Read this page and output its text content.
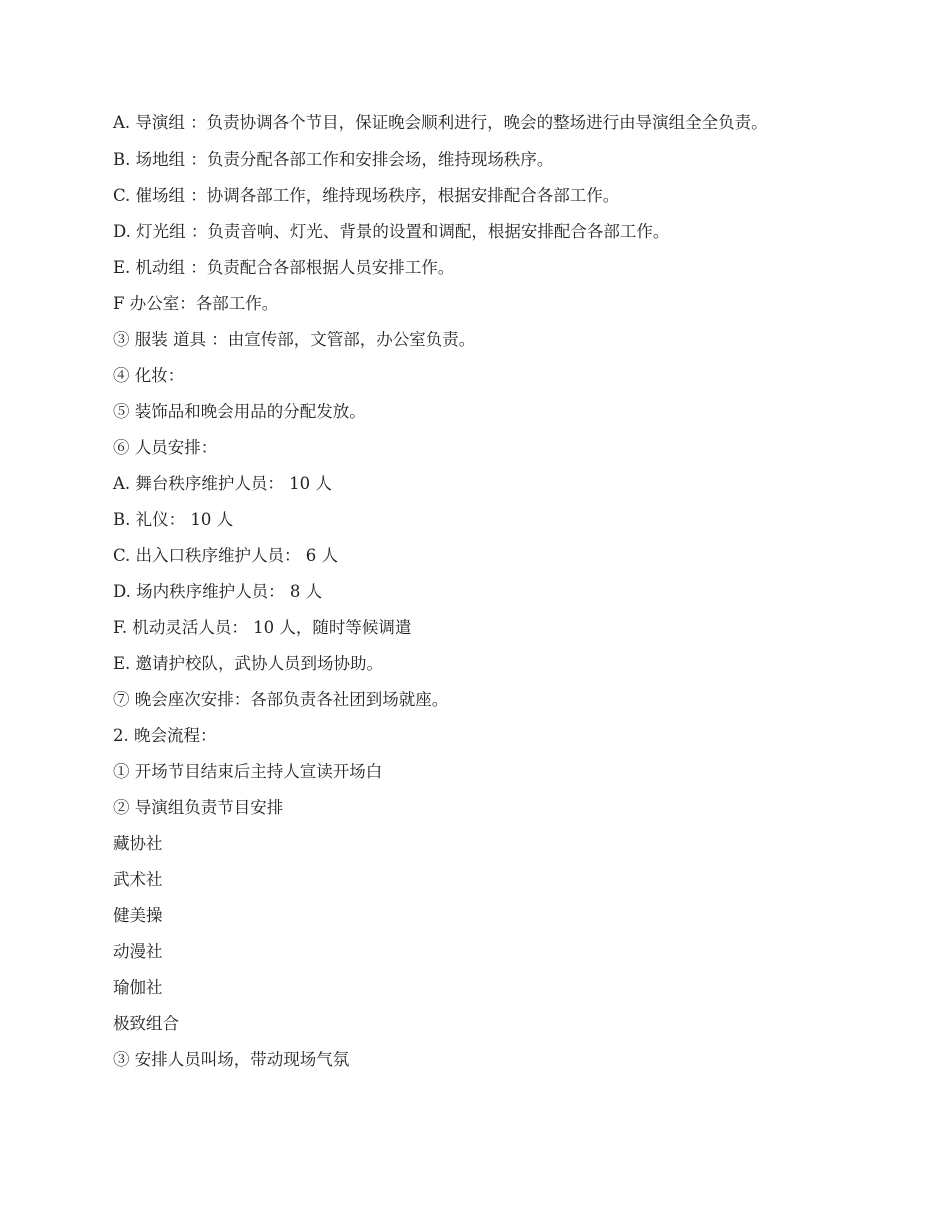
A. 导演组 ：负责协调各个节目，保证晚会顺利进行，晚会的整场进行由导演组全全负责。

B. 场地组 ：负责分配各部工作和安排会场，维持现场秩序。

C. 催场组 ：协调各部工作，维持现场秩序，根据安排配合各部工作。

D. 灯光组 ：负责音响、灯光、背景的设置和调配，根据安排配合各部工作。

E. 机动组 ：负责配合各部根据人员安排工作。

F 办公室：各部工作。

③ 服装 道具 ：由宣传部，文管部，办公室负责。

④ 化妆：

⑤ 装饰品和晚会用品的分配发放。

⑥ 人员安排：

A. 舞台秩序维护人员： 10 人

B. 礼仪： 10 人

C. 出入口秩序维护人员： 6 人

D. 场内秩序维护人员： 8 人

F. 机动灵活人员： 10 人，随时等候调遣

E. 邀请护校队，武协人员到场协助。

⑦ 晚会座次安排：各部负责各社团到场就座。

2. 晚会流程：

① 开场节目结束后主持人宣读开场白

② 导演组负责节目安排

藏协社

武术社

健美操

动漫社

瑜伽社

极致组合

③ 安排人员叫场，带动现场气氛
